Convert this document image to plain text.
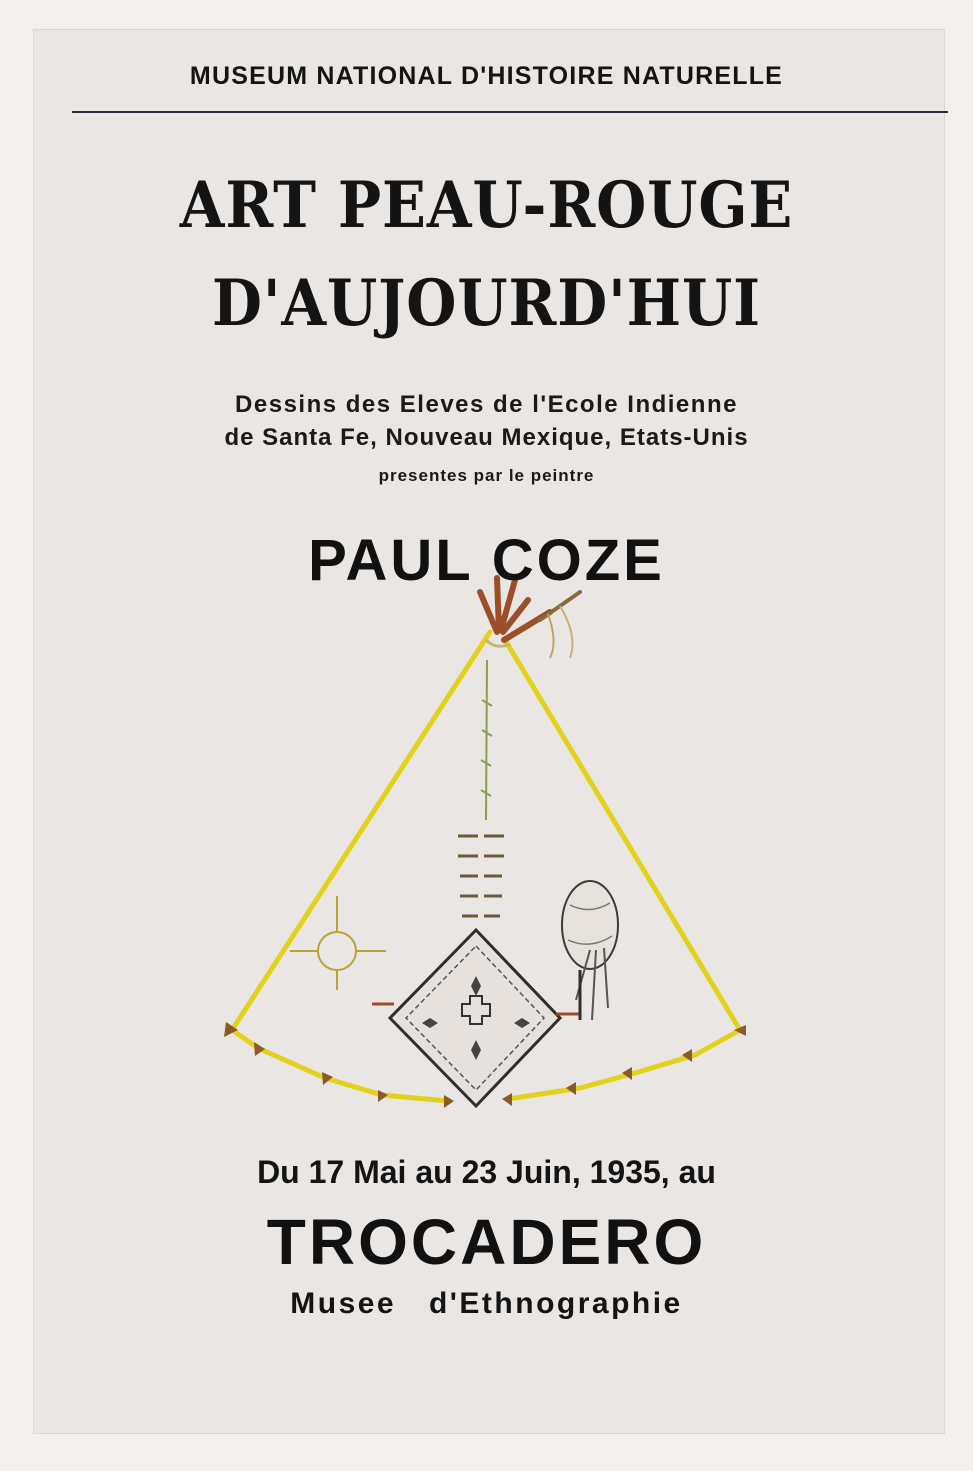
MUSEUM NATIONAL D'HISTOIRE NATURELLE
ART PEAU-ROUGE
D'AUJOURD'HUI
Dessins des Eleves de l'Ecole Indienne
de Santa Fe, Nouveau Mexique, Etats-Unis
presentes par le peintre
PAUL COZE
Du 17 Mai au 23 Juin, 1935, au
TROCADERO
Musee d'Ethnographie
